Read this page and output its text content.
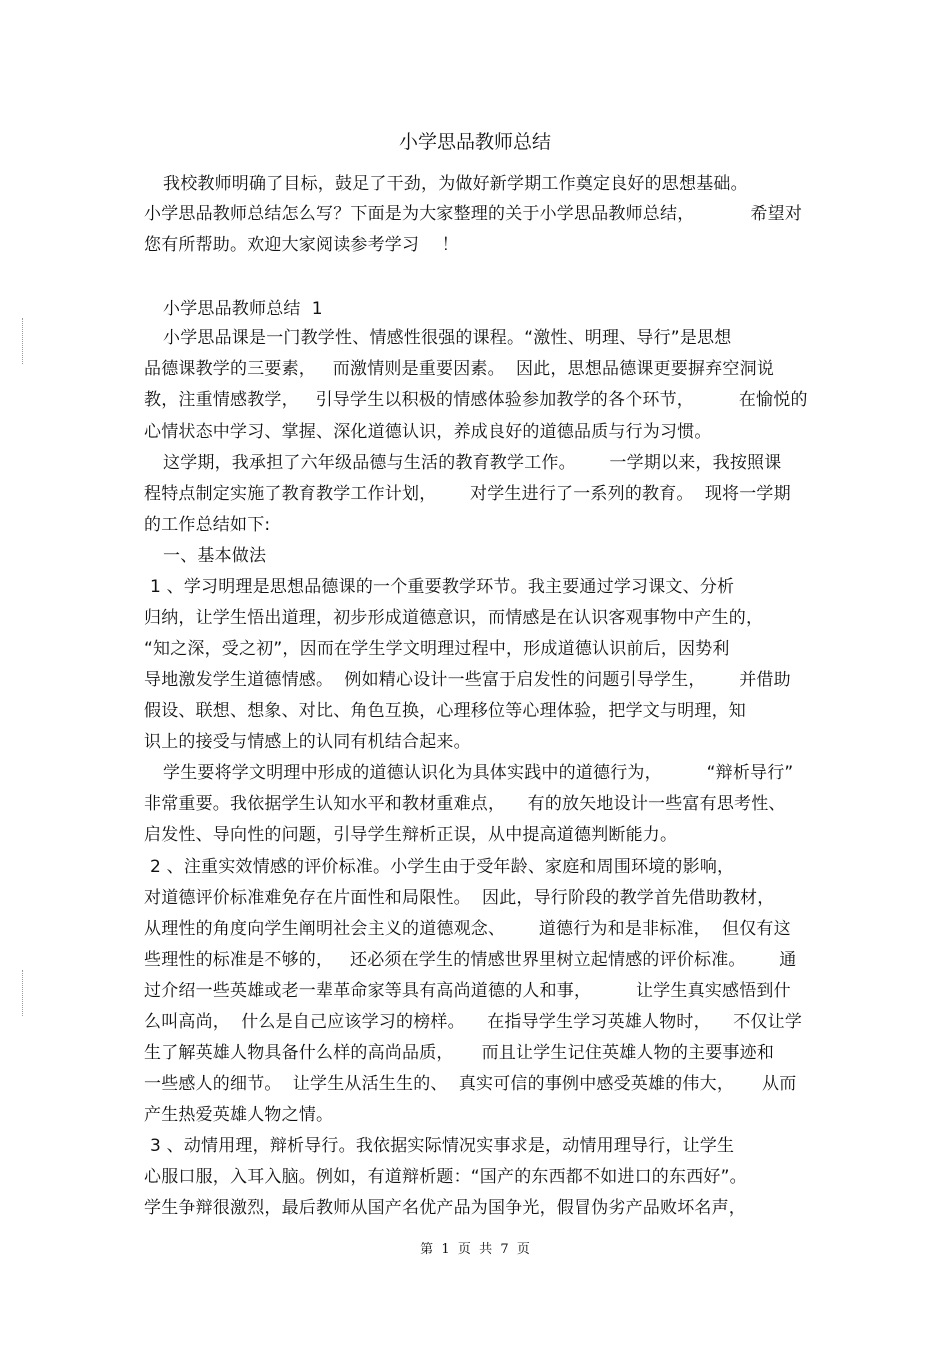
小学思品教师总结
我校教师明确了目标，鼓足了干劲，为做好新学期工作奠定良好的思想基础。
小学思品教师总结怎么写？下面是为大家整理的关于小学思品教师总结，          希望对
您有所帮助。欢迎大家阅读参考学习    ！
小学思品教师总结  1
小学思品课是一门教学性、情感性很强的课程。“激性、明理、导行”是思想
品德课教学的三要素，   而激情则是重要因素。  因此，思想品德课更要摒弃空洞说
教，注重情感教学，   引导学生以积极的情感体验参加教学的各个环节，        在愉悦的
心情状态中学习、掌握、深化道德认识，养成良好的道德品质与行为习惯。
这学期，我承担了六年级品德与生活的教育教学工作。      一学期以来，我按照课
程特点制定实施了教育教学工作计划，      对学生进行了一系列的教育。  现将一学期
的工作总结如下:
一、基本做法
1 、学习明理是思想品德课的一个重要教学环节。我主要通过学习课文、分析
归纳，让学生悟出道理，初步形成道德意识，而情感是在认识客观事物中产生的，
“知之深，受之初”，因而在学生学文明理过程中，形成道德认识前后，因势利
导地激发学生道德情感。  例如精心设计一些富于启发性的问题引导学生，      并借助
假设、联想、想象、对比、角色互换，心理移位等心理体验，把学文与明理，知
识上的接受与情感上的认同有机结合起来。
学生要将学文明理中形成的道德认识化为具体实践中的道德行为，        “辩析导行”
非常重要。我依据学生认知水平和教材重难点，    有的放矢地设计一些富有思考性、
启发性、导向性的问题，引导学生辩析正误，从中提高道德判断能力。
2 、注重实效情感的评价标准。小学生由于受年龄、家庭和周围环境的影响，
对道德评价标准难免存在片面性和局限性。  因此，导行阶段的教学首先借助教材，
从理性的角度向学生阐明社会主义的道德观念、      道德行为和是非标准，  但仅有这
些理性的标准是不够的，   还必须在学生的情感世界里树立起情感的评价标准。      通
过介绍一些英雄或老一辈革命家等具有高尚道德的人和事，        让学生真实感悟到什
么叫高尚，  什么是自己应该学习的榜样。    在指导学生学习英雄人物时，    不仅让学
生了解英雄人物具备什么样的高尚品质，     而且让学生记住英雄人物的主要事迹和
一些感人的细节。  让学生从活生生的、  真实可信的事例中感受英雄的伟大，     从而
产生热爱英雄人物之情。
3 、动情用理，辩析导行。我依据实际情况实事求是，动情用理导行，让学生
心服口服，入耳入脑。例如，有道辩析题：“国产的东西都不如进口的东西好”。
学生争辩很激烈，最后教师从国产名优产品为国争光，假冒伪劣产品败坏名声，
第  1  页  共  7  页
